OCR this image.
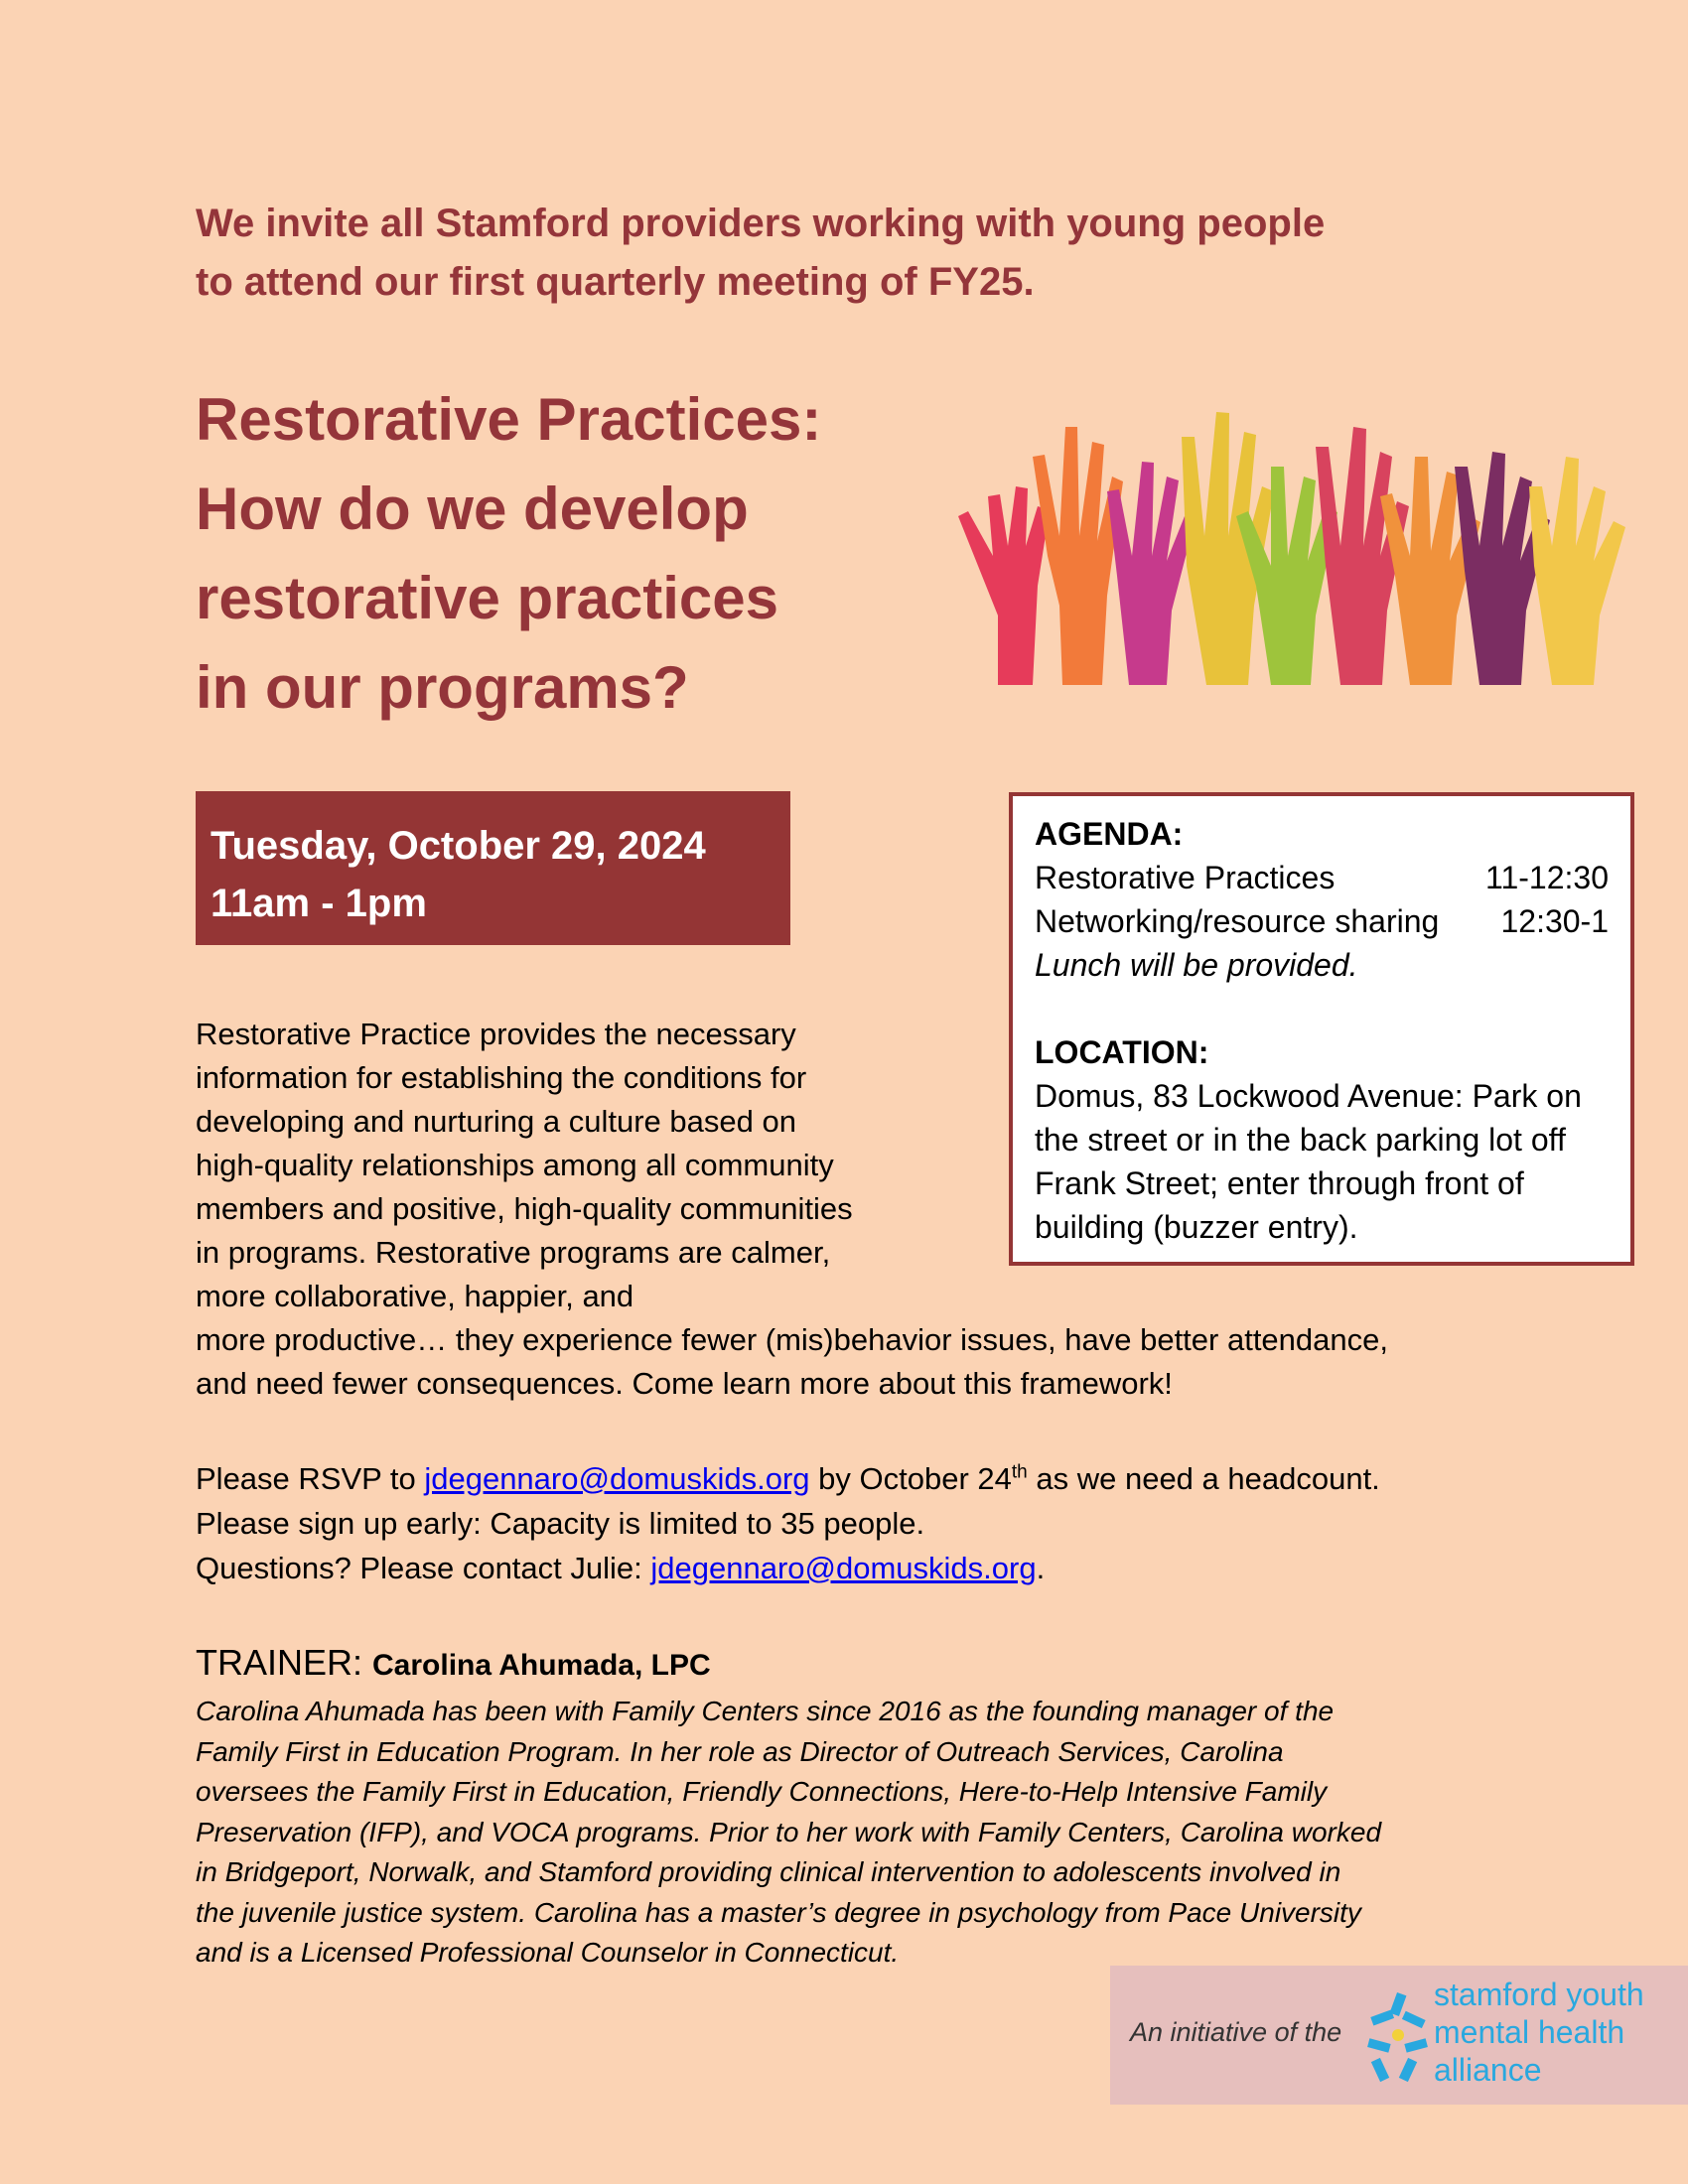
We invite all Stamford providers working with young people
to attend our first quarterly meeting of FY25.
Restorative Practices:
How do we develop
restorative practices
in our programs?
Tuesday, October 29, 2024
11am - 1pm
AGENDA:
Restorative Practices	11-12:30
Networking/resource sharing 12:30-1
Lunch will be provided.
LOCATION:
Domus, 83 Lockwood Avenue: Park on
the street or in the back parking lot off
Frank Street; enter through front of
building (buzzer entry).
Restorative Practice provides the necessary
information for establishing the conditions for
developing and nurturing a culture based on
high-quality relationships among all community
members and positive, high-quality communities
in programs. Restorative programs are calmer,
more collaborative, happier, and
more productive… they experience fewer (mis)behavior issues, have better attendance,
and need fewer consequences. Come learn more about this framework!
Please RSVP to jdegennaro@domuskids.org by October 24th as we need a headcount.
Please sign up early: Capacity is limited to 35 people.
Questions? Please contact Julie: jdegennaro@domuskids.org.
TRAINER: Carolina Ahumada, LPC
Carolina Ahumada has been with Family Centers since 2016 as the founding manager of the
Family First in Education Program. In her role as Director of Outreach Services, Carolina
oversees the Family First in Education, Friendly Connections, Here-to-Help Intensive Family
Preservation (IFP), and VOCA programs. Prior to her work with Family Centers, Carolina worked
in Bridgeport, Norwalk, and Stamford providing clinical intervention to adolescents involved in
the juvenile justice system. Carolina has a master’s degree in psychology from Pace University
and is a Licensed Professional Counselor in Connecticut.
An initiative of the
stamford youth
mental health
alliance
